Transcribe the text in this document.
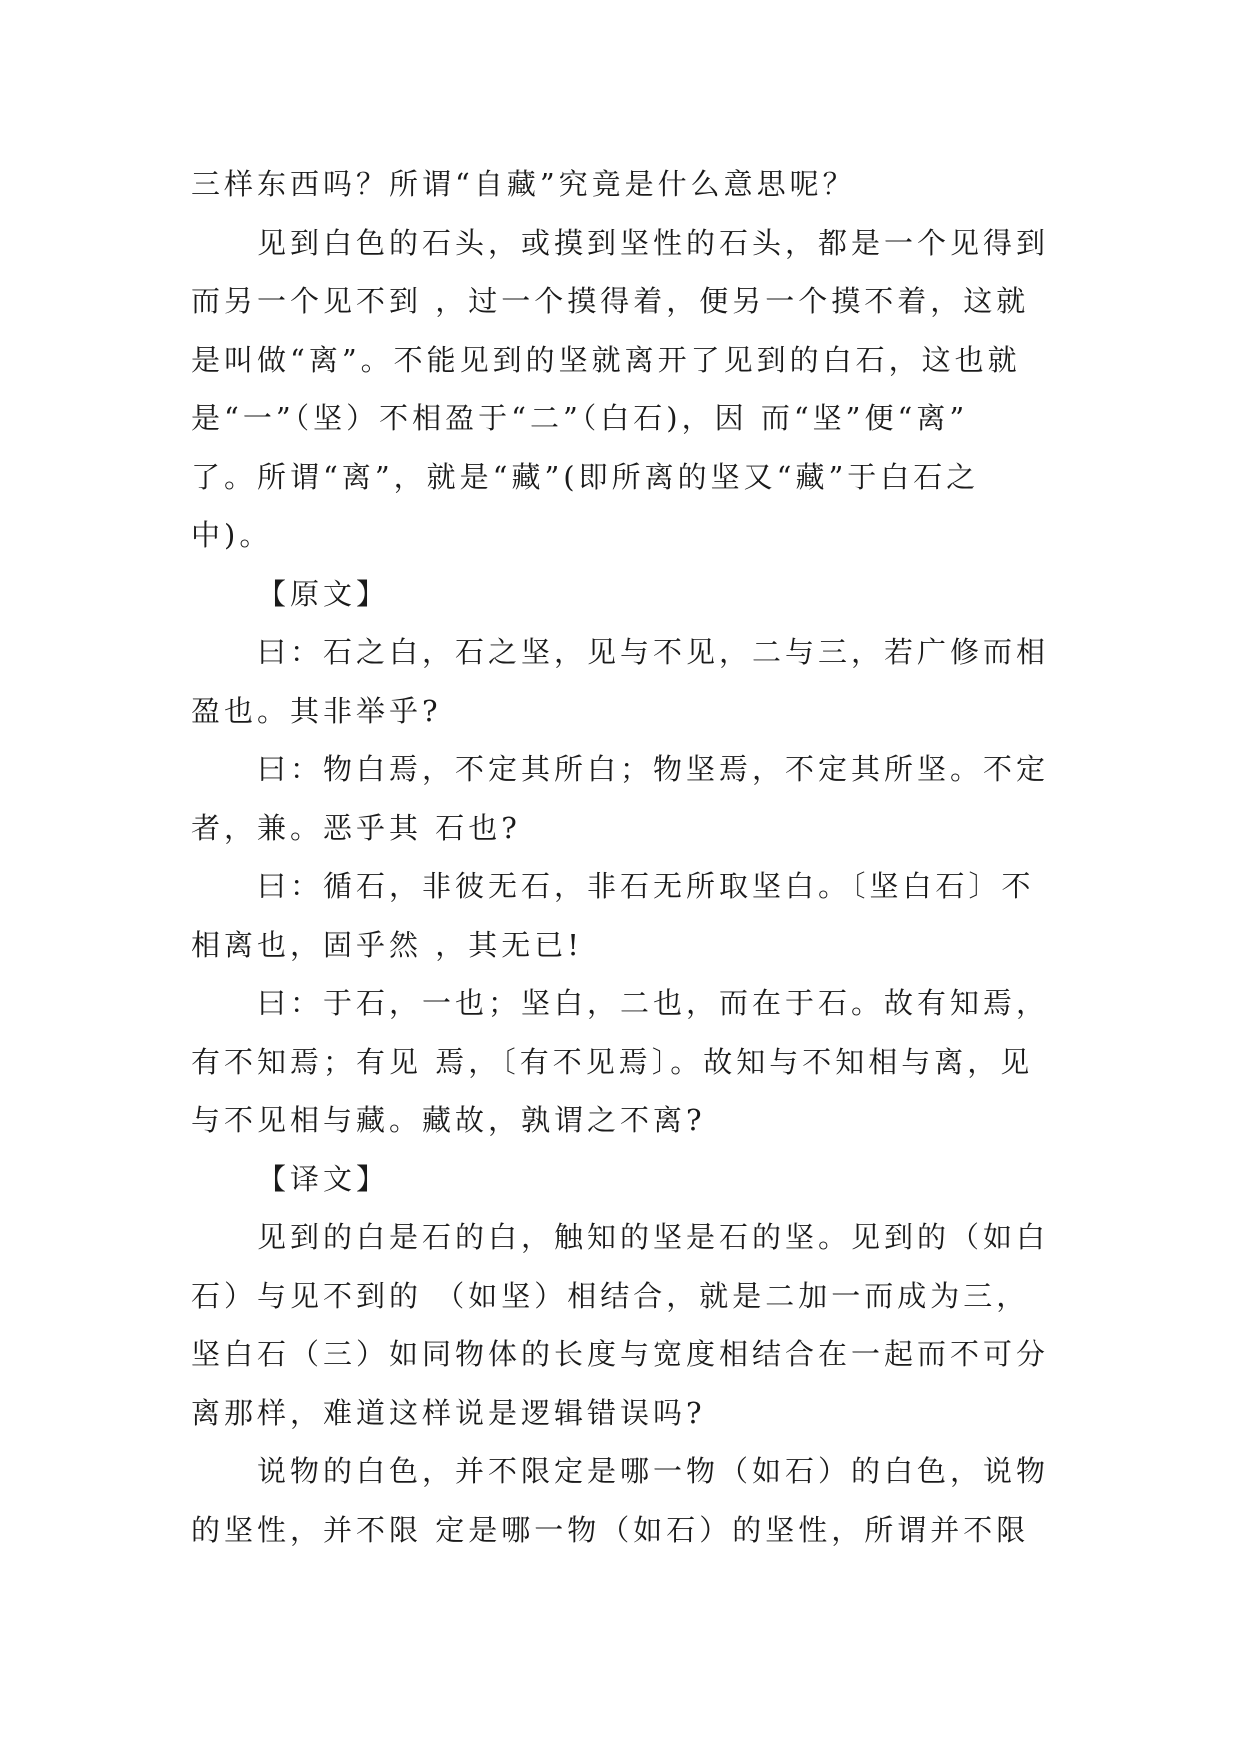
三样东西吗？所谓“自藏”究竟是什么意思呢？

见到白色的石头，或摸到坚性的石头，都是一个见得到

而另一个见不到 ，过一个摸得着，便另一个摸不着，这就

是叫做“离”。不能见到的坚就离开了见到的白石，这也就

是“一”（坚）不相盈于“二”（白石)，因 而“坚”便“离”

了。所谓“离”，就是“藏”(即所离的坚又“藏”于白石之

中)。

【原文】

曰：石之白，石之坚，见与不见，二与三，若广修而相

盈也。其非举乎?

曰：物白焉，不定其所白；物坚焉，不定其所坚。不定

者，兼。恶乎其 石也?

曰：循石，非彼无石，非石无所取坚白。〔坚白石〕不

相离也，固乎然 ，其无已!

曰：于石，一也；坚白，二也，而在于石。故有知焉，

有不知焉；有见 焉，〔有不见焉〕。故知与不知相与离，见

与不见相与藏。藏故，孰谓之不离?

【译文】

见到的白是石的白，触知的坚是石的坚。见到的（如白

石）与见不到的 （如坚）相结合，就是二加一而成为三，

坚白石（三）如同物体的长度与宽度相结合在一起而不可分

离那样，难道这样说是逻辑错误吗?

说物的白色，并不限定是哪一物（如石）的白色，说物

的坚性，并不限 定是哪一物（如石）的坚性，所谓并不限
